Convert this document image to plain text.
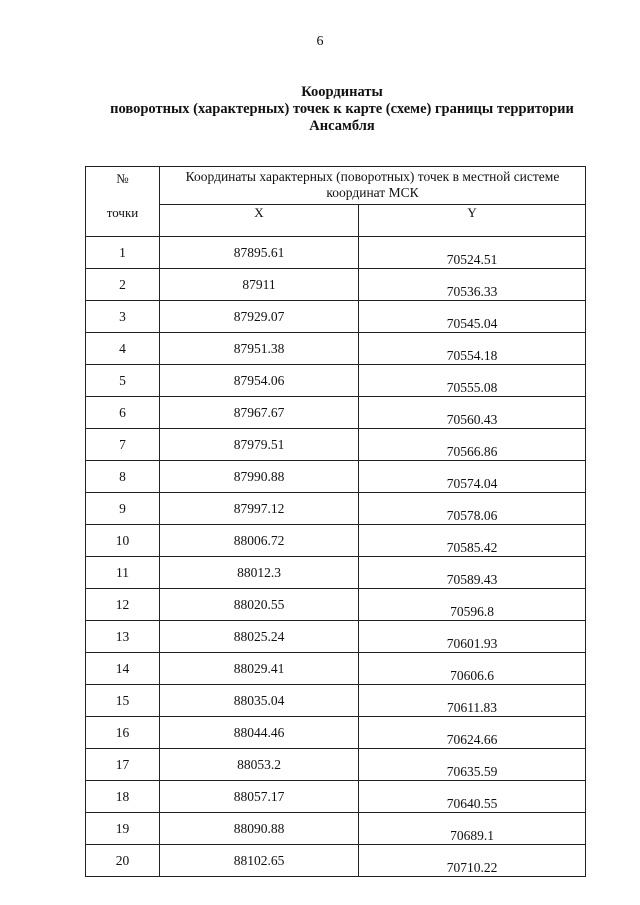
6
Координаты
поворотных (характерных) точек к карте (схеме) границы территории
Ансамбля
№
точки	Координаты характерных (поворотных) точек в местной системе координат МСК	
	X	Y
1	87895.61	70524.51
2	87911	70536.33
3	87929.07	70545.04
4	87951.38	70554.18
5	87954.06	70555.08
6	87967.67	70560.43
7	87979.51	70566.86
8	87990.88	70574.04
9	87997.12	70578.06
10	88006.72	70585.42
11	88012.3	70589.43
12	88020.55	70596.8
13	88025.24	70601.93
14	88029.41	70606.6
15	88035.04	70611.83
16	88044.46	70624.66
17	88053.2	70635.59
18	88057.17	70640.55
19	88090.88	70689.1
20	88102.65	70710.22
